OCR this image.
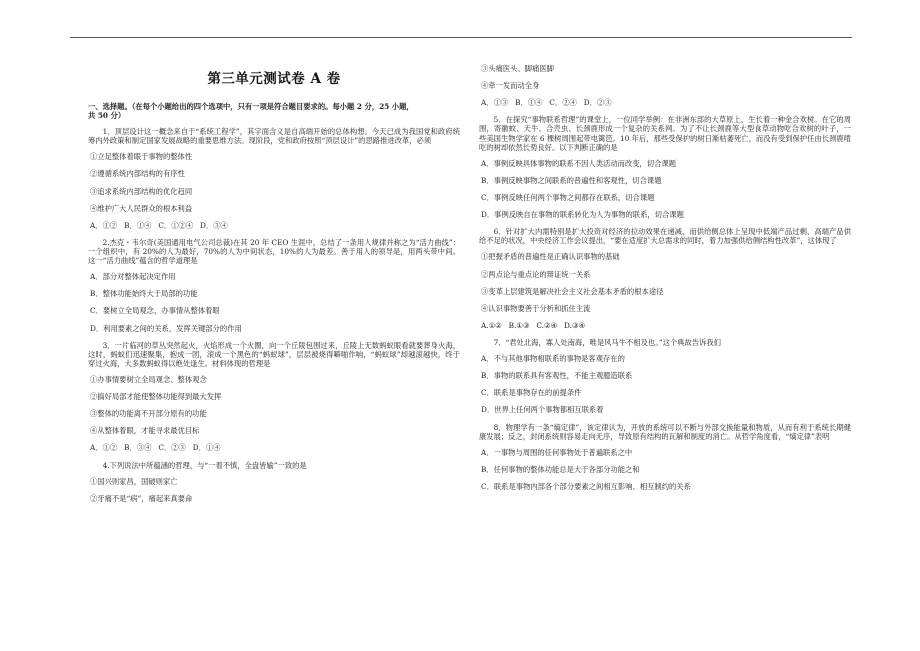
第三单元测试卷 A 卷
一、选择题。（在每个小题给出的四个选项中，只有一项是符合题目要求的。每小题 2 分，25 小题，
共 50 分）
1．顶层设计这一概念来自于“系统工程学”，其字面含义是自高端开始的总体构想。今天已成为我国党和政府统筹内外政策和制定国家发展战略的重要思维方法。现阶段，党和政府按照“顶层设计”的思路推进改革，必须
①立足整体着眼于事物的整体性
②遵循系统内部结构的有序性
③追求系统内部结构的优化趋同
④维护广大人民群众的根本利益
A．①②   B．①④   C．①②④   D．③④
2.杰克・韦尔奇(美国通用电气公司总裁)在其 20 年 CEO 生涯中，总结了一条用人规律并称之为“活力曲线”：一个组织中，有 20%的人为最好，70%的人为中间状态，10%的人为最差。善于用人的领导是，用两头带中间。这一“活力曲线”蕴含的哲学道理是
A．部分对整体起决定作用
B．整体功能始终大于局部的功能
C．要树立全局观念，办事情从整体着眼
D．利用要素之间的关系，发挥关键部分的作用
3．一片临河的草丛突然起火，火焰形成一个火圈，向一个丘陵包围过来，丘陵上无数蚂蚁眼看就要葬身火海，这时，蚂蚁们迅速聚集，抱成一团，滚成一个黑色的“蚂蚁球”，层层被烧得噼啪作响，“蚂蚁球”却越滚越快，终于穿过火海，大多数蚂蚁得以绝处逢生。材料体现的哲理是
①办事情要树立全局观念、整体观念
②搞好局部才能使整体功能得到最大发挥
③整体的功能离不开部分原有的功能
④从整体着眼，才能寻求最优目标
A．①②   B．③④   C．②③   D．①④
4.下列说法中所蕴涵的哲理，与“一着不慎，全盘皆输”一致的是
①国兴则家昌，国破则家亡
②牙痛不是“病”，痛起来真要命
③头痛医头、脚痛医脚
④牵一发而动全身
A．①③   B．①④   C．②④   D．②③
5．在探究“事物联系哲理”的课堂上，一位同学举例：在非洲东部的大草原上，生长着一种金合欢树。在它的周围，寄徽蚊、天牛、合壳虫、长颈鹿形成一个复杂的关系网。为了不让长颈鹿等大型食草动物吃合欢树的叶子，一些美国生物学家在 6 棵树周围起带电篱笆。10 年后，那些受保护的树日渐枯萎死亡，而没有受到保护任由长颈鹿啃吃的树却依然长势良好。以下判断正确的是
A．事例反映具体事物的联系不因人类活动而改变，切合课题
B．事例反映事物之间联系的普遍性和客观性，切合课题
C．事例反映任何两个事物之间都存在联系，切合课题
D．事例反映自在事物的联系转化为人为事物的联系，切合课题
6．针对扩大内需特别是扩大投资对经济的拉动效果在递减，而供给侧总体上呈现中低端产品过剩、高端产品供给不足的状况，中央经济工作会议提出，“要在适度扩大总需求的同时，着力加强供给侧结构性改革”，这体现了
①把握矛盾的普遍性是正确认识事物的基础
②两点论与重点论的辩证统一关系
③变革上层建筑是解决社会主义社会基本矛盾的根本途径
④认识事物要善于分析和抓住主流
A.①②   B.①③   C.②④   D.③④
7．“君处北海，寡人处南海，唯是风马牛不相及也。”这个典故告诉我们
A．不与其他事物相联系的事物是客观存在的
B．事物的联系具有客观性，不能主观臆造联系
C．联系是事物存在的前提条件
D．世界上任何两个事物都相互联系着
8．物理学有一条“熵定律”，该定律认为，开放的系统可以不断与外部交换能量和物质，从而有利于系统长期健康发展；反之，封闭系统则容易走向无序，导致原有结构的瓦解和制度的消亡。从哲学角度看，“熵定律”表明
A．一事物与周围的任何事物处于普遍联系之中
B．任何事物的整体功能总是大于各部分功能之和
C．联系是事物内部各个部分要素之间相互影响、相互制约的关系
